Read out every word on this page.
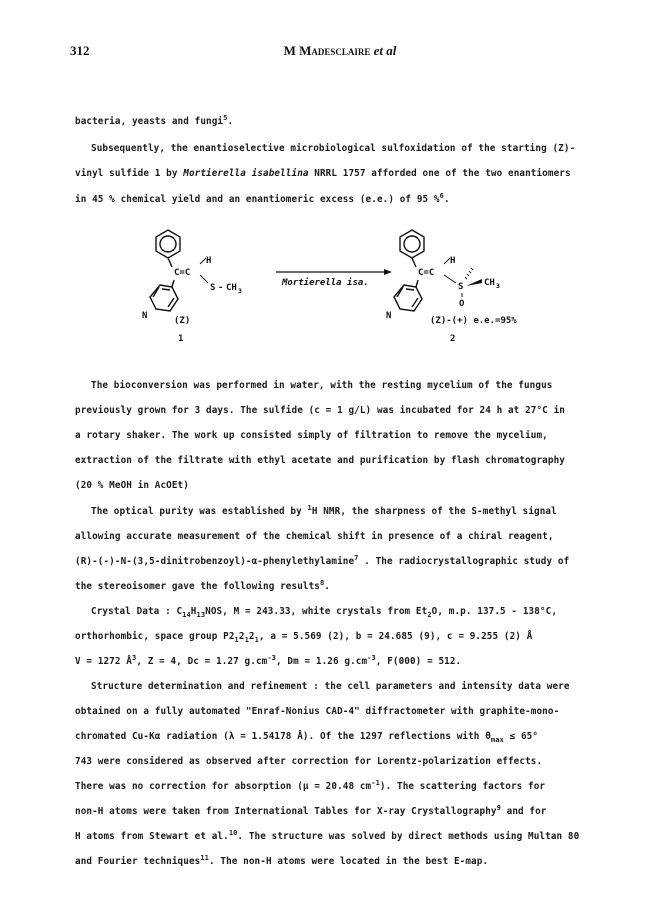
312	M Madesclaire et al
bacteria, yeasts and fungi$^5$.
Subsequently, the enantioselective microbiological sulfoxidation of the starting (Z)-
vinyl sulfide 1 by Mortierella isabellina NRRL 1757 afforded one of the two enantiomers
in 45 % chemical yield and an enantiomeric excess (e.e.) of 95 %$^6$.
H
C=C
S - CH 3
N	(Z)
1
Mortierella isa.
H
C=C
S CH 3
O
N	(Z)-(+) e.e.=95%
2
The bioconversion was performed in water, with the resting mycelium of the fungus
previously grown for 3 days. The sulfide (c = 1 g/L) was incubated for 24 h at 27°C in
a rotary shaker. The work up consisted simply of filtration to remove the mycelium,
extraction of the filtrate with ethyl acetate and purification by flash chromatography
(20 % MeOH in AcOEt)
The optical purity was established by $^1$H NMR, the sharpness of the S-methyl signal
allowing accurate measurement of the chemical shift in presence of a chiral reagent,
(R)-(-)-N-(3,5-dinitrobenzoyl)-α-phenylethylamine$^7$ . The radiocrystallographic study of
the stereoisomer gave the following results$^8$.
Crystal Data : $C_{14}H_{13}NOS$, M = 243.33, white crystals from $Et_2O$, m.p. 137.5 - 138°C,
orthorhombic, space group $P2_12_12_1$, a = 5.569 (2), b = 24.685 (9), c = 9.255 (2) Å
V = 1272 $Å^3$, Z = 4, Dc = 1.27 $g.cm^{-3}$, Dm = 1.26 $g.cm^{-3}$, F(000) = 512.
Structure determination and refinement : the cell parameters and intensity data were
obtained on a fully automated "Enraf-Nonius CAD-4" diffractometer with graphite-mono-
chromated Cu-Kα radiation (λ = 1.54178 Å). Of the 1297 reflections with $\theta_{max} \le 65^\circ$
743 were considered as observed after correction for Lorentz-polarization effects.
There was no correction for absorption (μ = 20.48 $cm^{-1}$). The scattering factors for
non-H atoms were taken from International Tables for X-ray Crystallography$^9$ and for
H atoms from Stewart et al.$^{10}$. The structure was solved by direct methods using Multan 80
and Fourier techniques$^{11}$. The non-H atoms were located in the best E-map.
